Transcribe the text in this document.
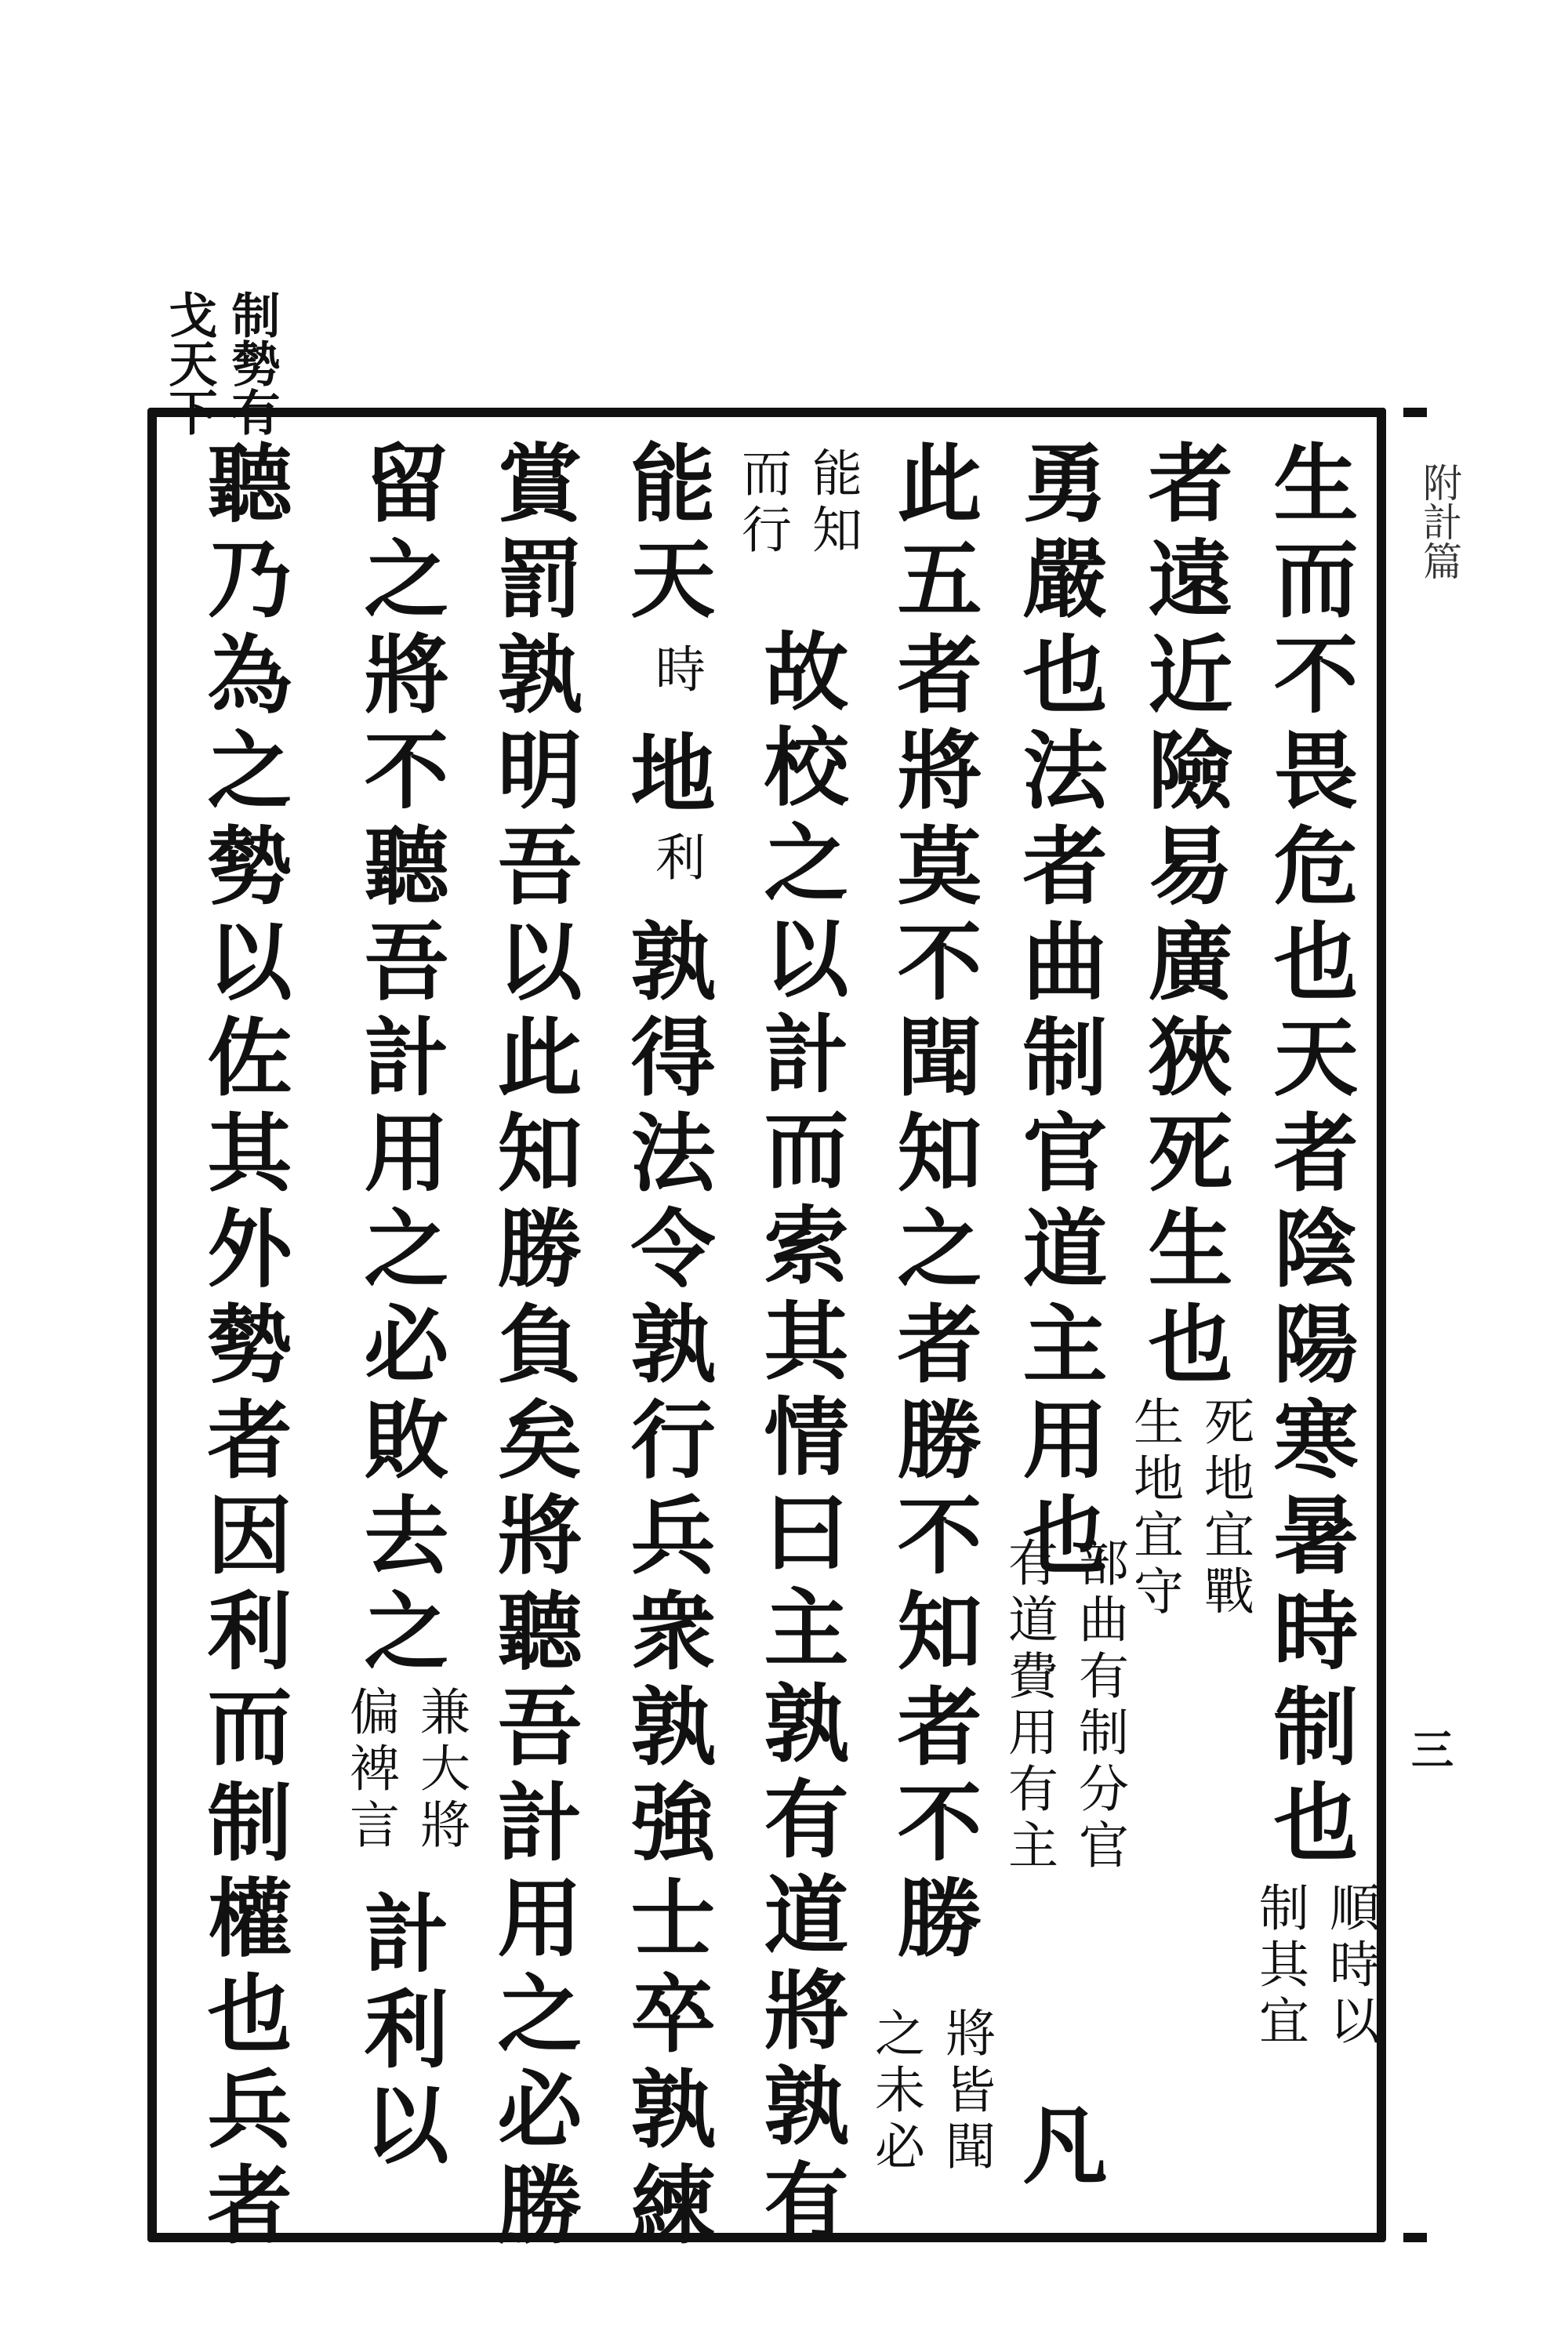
戈天下 制勢有
附計篇
三
生而不畏危也天者陰陽寒暑時制也
者遠近險易廣狹死生也
勇嚴也法者曲制官道主用也
此五者將莫不聞知之者勝不知者不勝
故校之以計而索其情曰主孰有道將孰有
能天
地
孰得法令孰行兵衆孰強士卒孰練
賞罰孰明吾以此知勝負矣將聽吾計用之必勝
留之將不聽吾計用之必敗去之
計利以
聽乃為之勢以佐其外勢者因利而制權也兵者	順時以
制其宜
死地宜戰
生地宜守
部曲有制分官
有道費用有主
凡
將皆聞
之未必
能知
而行
時
利
兼大將
偏裨言
